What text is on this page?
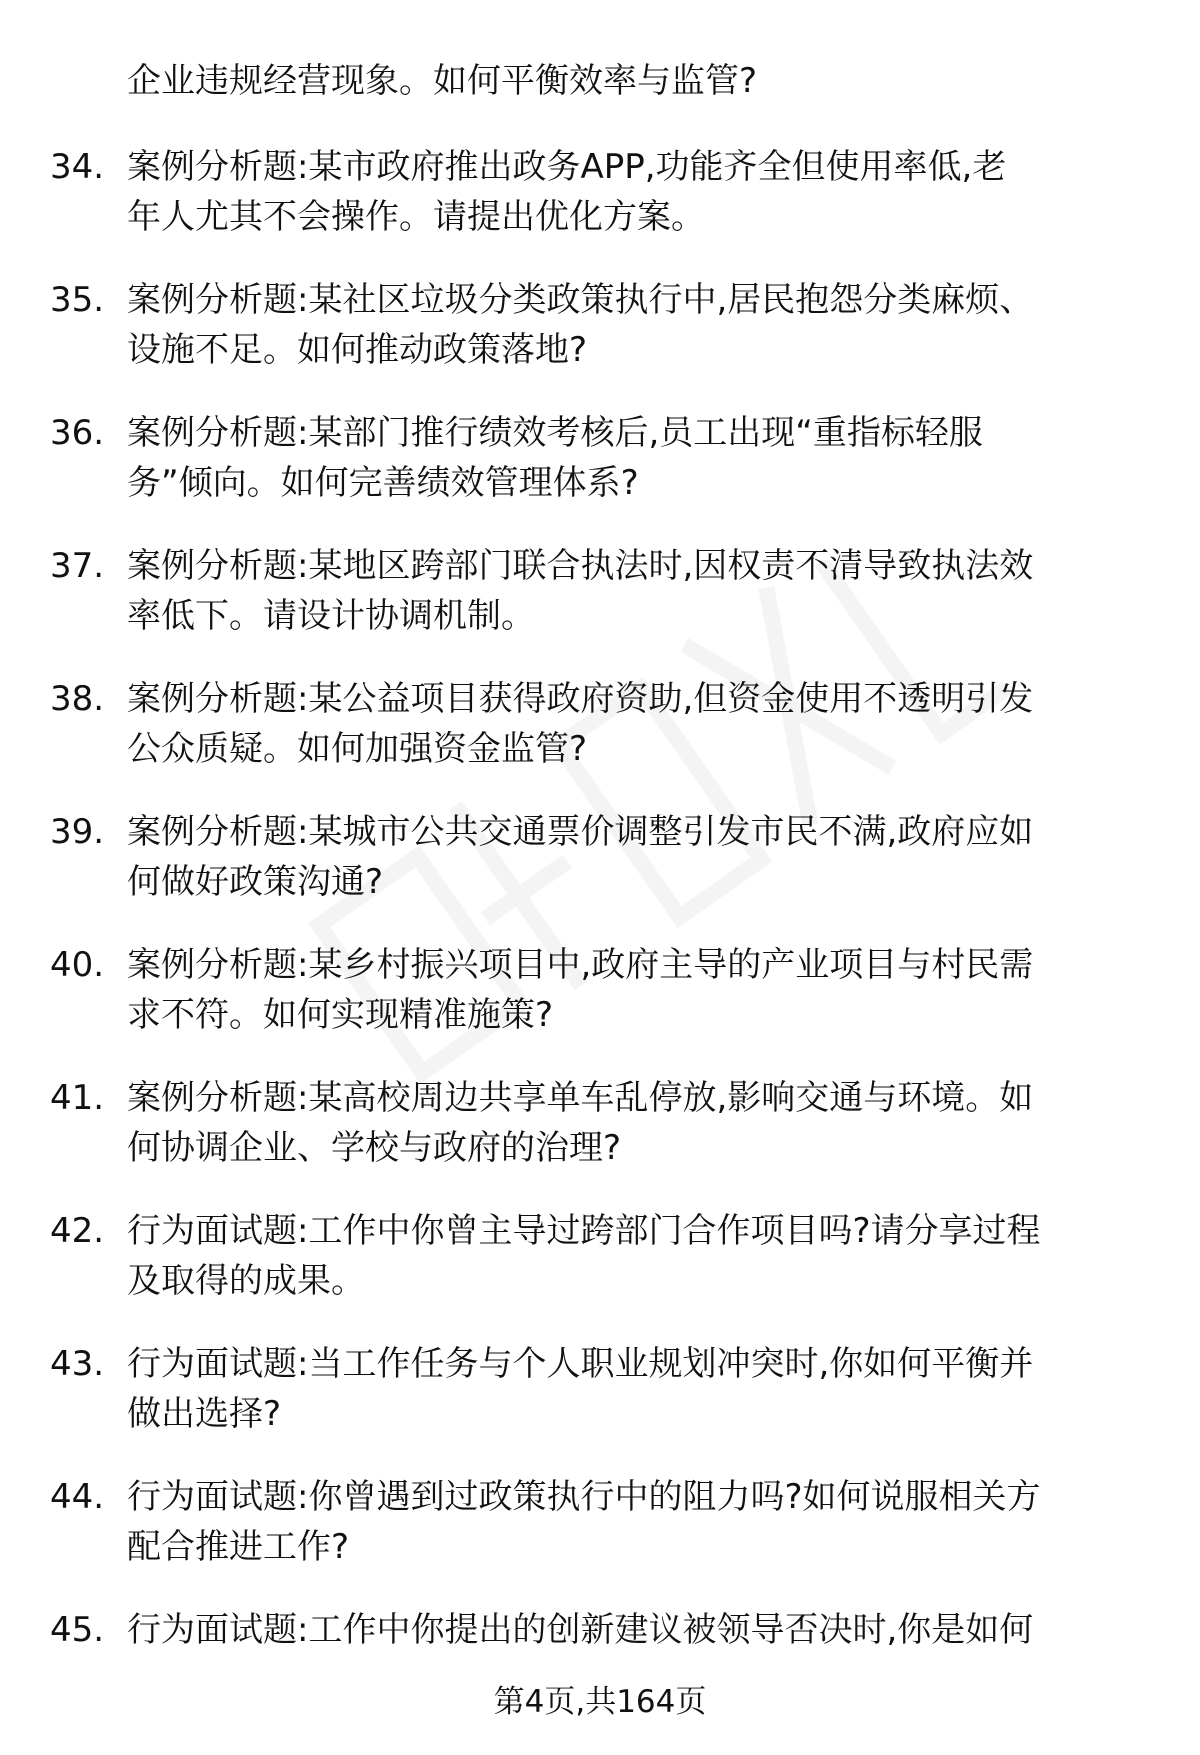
企业违规经营现象。如何平衡效率与监管?
34. 案例分析题:某市政府推出政务APP,功能齐全但使用率低,老
年人尤其不会操作。请提出优化方案。
35. 案例分析题:某社区垃圾分类政策执行中,居民抱怨分类麻烦、
设施不足。如何推动政策落地?
36. 案例分析题:某部门推行绩效考核后,员工出现“重指标轻服
务”倾向。如何完善绩效管理体系?
37. 案例分析题:某地区跨部门联合执法时,因权责不清导致执法效
率低下。请设计协调机制。
38. 案例分析题:某公益项目获得政府资助,但资金使用不透明引发
公众质疑。如何加强资金监管?
39. 案例分析题:某城市公共交通票价调整引发市民不满,政府应如
何做好政策沟通?
40. 案例分析题:某乡村振兴项目中,政府主导的产业项目与村民需
求不符。如何实现精准施策?
41. 案例分析题:某高校周边共享单车乱停放,影响交通与环境。如
何协调企业、学校与政府的治理?
42. 行为面试题:工作中你曾主导过跨部门合作项目吗?请分享过程
及取得的成果。
43. 行为面试题:当工作任务与个人职业规划冲突时,你如何平衡并
做出选择?
44. 行为面试题:你曾遇到过政策执行中的阻力吗?如何说服相关方
配合推进工作?
45. 行为面试题:工作中你提出的创新建议被领导否决时,你是如何
第4页,共164页
